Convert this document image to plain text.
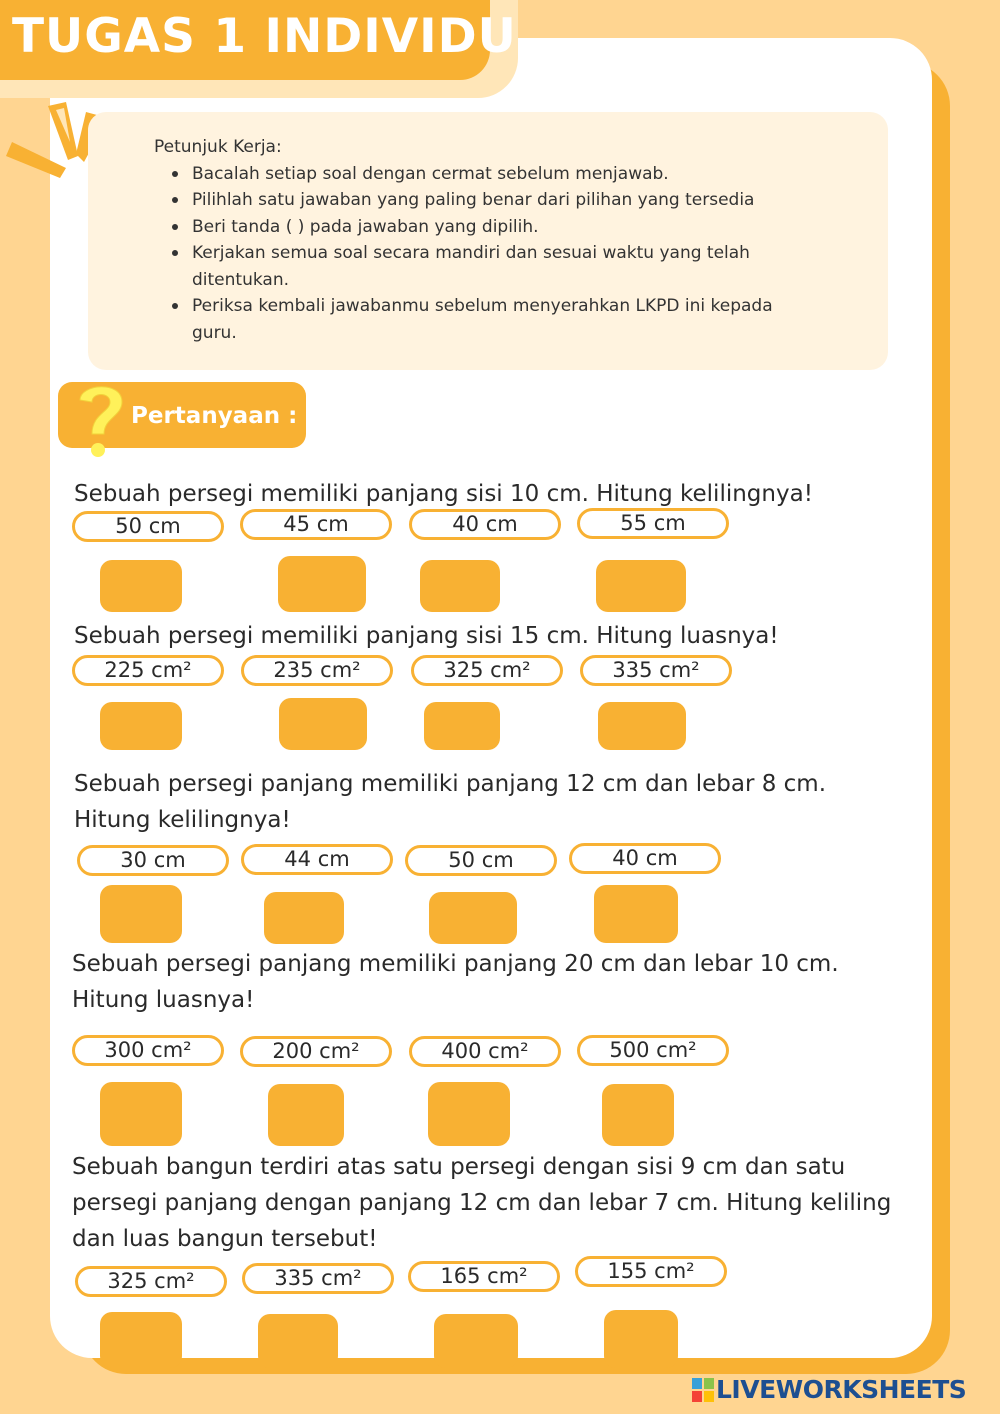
TUGAS 1 INDIVIDU
Petunjuk Kerja:
Bacalah setiap soal dengan cermat sebelum menjawab.
Pilihlah satu jawaban yang paling benar dari pilihan yang tersedia
Beri tanda ( ) pada jawaban yang dipilih.
Kerjakan semua soal secara mandiri dan sesuai waktu yang telah ditentukan.
Periksa kembali jawabanmu sebelum menyerahkan LKPD ini kepada guru.
Pertanyaan :
Sebuah persegi memiliki panjang sisi 10 cm. Hitung kelilingnya!
50 cm	45 cm	40 cm	55 cm
Sebuah persegi memiliki panjang sisi 15 cm. Hitung luasnya!
225 cm²	235 cm²	325 cm²	335 cm²
Sebuah persegi panjang memiliki panjang 12 cm dan lebar 8 cm.
Hitung kelilingnya!
30 cm	44 cm	50 cm	40 cm
Sebuah persegi panjang memiliki panjang 20 cm dan lebar 10 cm.
Hitung luasnya!
300 cm²	200 cm²	400 cm²	500 cm²
Sebuah bangun terdiri atas satu persegi dengan sisi 9 cm dan satu
persegi panjang dengan panjang 12 cm dan lebar 7 cm. Hitung keliling
dan luas bangun tersebut!
325 cm²	335 cm²	165 cm²	155 cm²
LIVEWORKSHEETS
